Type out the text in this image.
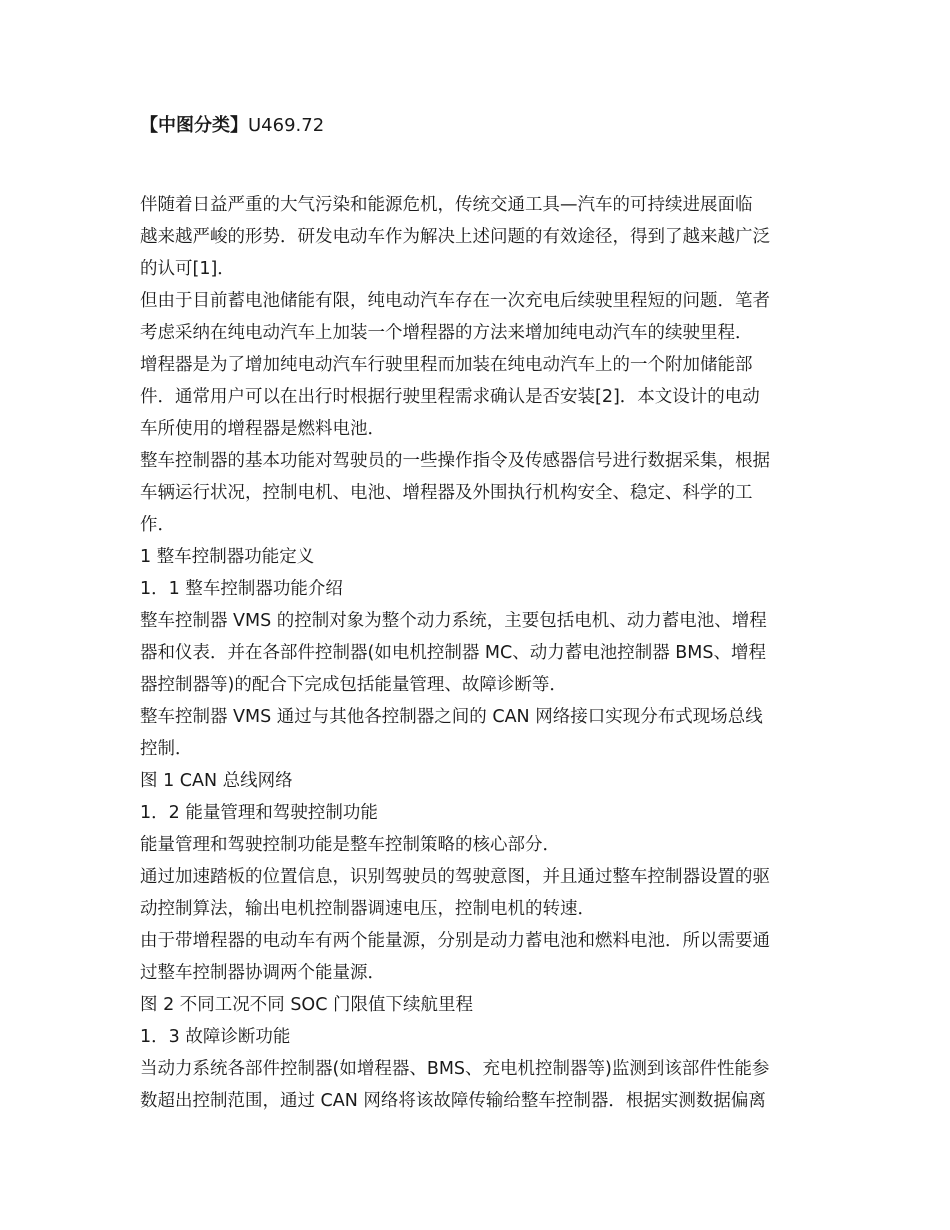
【中图分类】U469.72
伴随着日益严重的大气污染和能源危机，传统交通工具—汽车的可持续进展面临
越来越严峻的形势．研发电动车作为解决上述问题的有效途径，得到了越来越广泛
的认可[1]．
但由于目前蓄电池储能有限，纯电动汽车存在一次充电后续驶里程短的问题．笔者
考虑采纳在纯电动汽车上加装一个增程器的方法来增加纯电动汽车的续驶里程．
增程器是为了增加纯电动汽车行驶里程而加装在纯电动汽车上的一个附加储能部
件．通常用户可以在出行时根据行驶里程需求确认是否安装[2]．本文设计的电动
车所使用的增程器是燃料电池．
整车控制器的基本功能对驾驶员的一些操作指令及传感器信号进行数据采集，根据
车辆运行状况，控制电机、电池、增程器及外围执行机构安全、稳定、科学的工
作．
1 整车控制器功能定义
1．1 整车控制器功能介绍
整车控制器 VMS 的控制对象为整个动力系统，主要包括电机、动力蓄电池、增程
器和仪表．并在各部件控制器(如电机控制器 MC、动力蓄电池控制器 BMS、增程
器控制器等)的配合下完成包括能量管理、故障诊断等．
整车控制器 VMS 通过与其他各控制器之间的 CAN 网络接口实现分布式现场总线
控制．
图 1 CAN 总线网络
1．2 能量管理和驾驶控制功能
能量管理和驾驶控制功能是整车控制策略的核心部分．
通过加速踏板的位置信息，识别驾驶员的驾驶意图，并且通过整车控制器设置的驱
动控制算法，输出电机控制器调速电压，控制电机的转速．
由于带增程器的电动车有两个能量源，分别是动力蓄电池和燃料电池．所以需要通
过整车控制器协调两个能量源．
图 2 不同工况不同 SOC 门限值下续航里程
1．3 故障诊断功能
当动力系统各部件控制器(如增程器、BMS、充电机控制器等)监测到该部件性能参
数超出控制范围，通过 CAN 网络将该故障传输给整车控制器．根据实测数据偏离
